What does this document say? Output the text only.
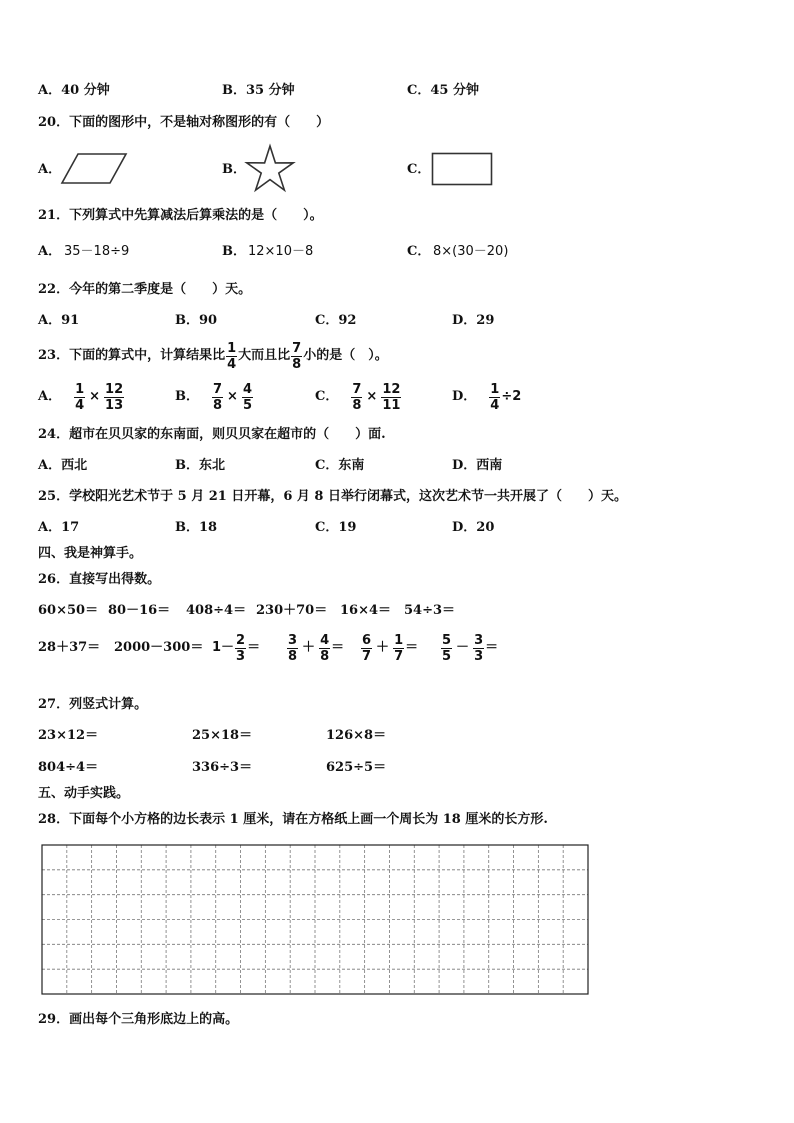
A．40 分钟	B．35 分钟	C．45 分钟
20．下面的图形中，不是轴对称图形的有（　　）
A．	B．	C．
21．下列算式中先算减法后算乘法的是（　　）。
A． 35－18÷9	B． 12×10－8	C． 8×(30－20)
22．今年的第二季度是（　　）天。
A．91	B．90	C．92	D．29
23．下面的算式中，计算结果比 $\frac{1}{4}$ 大而且比 $\frac{7}{8}$ 小的是（　）。
A． $\frac{1}{4} \times \frac{12}{13}$	B． $\frac{7}{8} \times \frac{4}{5}$	C． $\frac{7}{8} \times \frac{12}{11}$	D． $\frac{1}{4} \div 2$
24．超市在贝贝家的东南面，则贝贝家在超市的（　　）面.
A．西北	B．东北	C．东南	D．西南
25．学校阳光艺术节于 5 月 21 日开幕，6 月 8 日举行闭幕式，这次艺术节一共开展了（　　）天。
A．17	B．18	C．19	D．20
四、我是神算手。
26．直接写出得数。
60×50＝ 80－16＝ 408÷4＝ 230＋70＝ 16×4＝ 54÷3＝
$28+37= 2000-300= 1- \frac{2}{3} = \frac{3}{8} + \frac{4}{8} = \frac{6}{7} + \frac{1}{7} = \frac{5}{5} - \frac{3}{3}$ ＝
27．列竖式计算。
23×12＝	25×18＝	126×8＝
804÷4＝	336÷3＝	625÷5＝
五、动手实践。
28．下面每个小方格的边长表示 1 厘米，请在方格纸上画一个周长为 18 厘米的长方形.
29．画出每个三角形底边上的高。
